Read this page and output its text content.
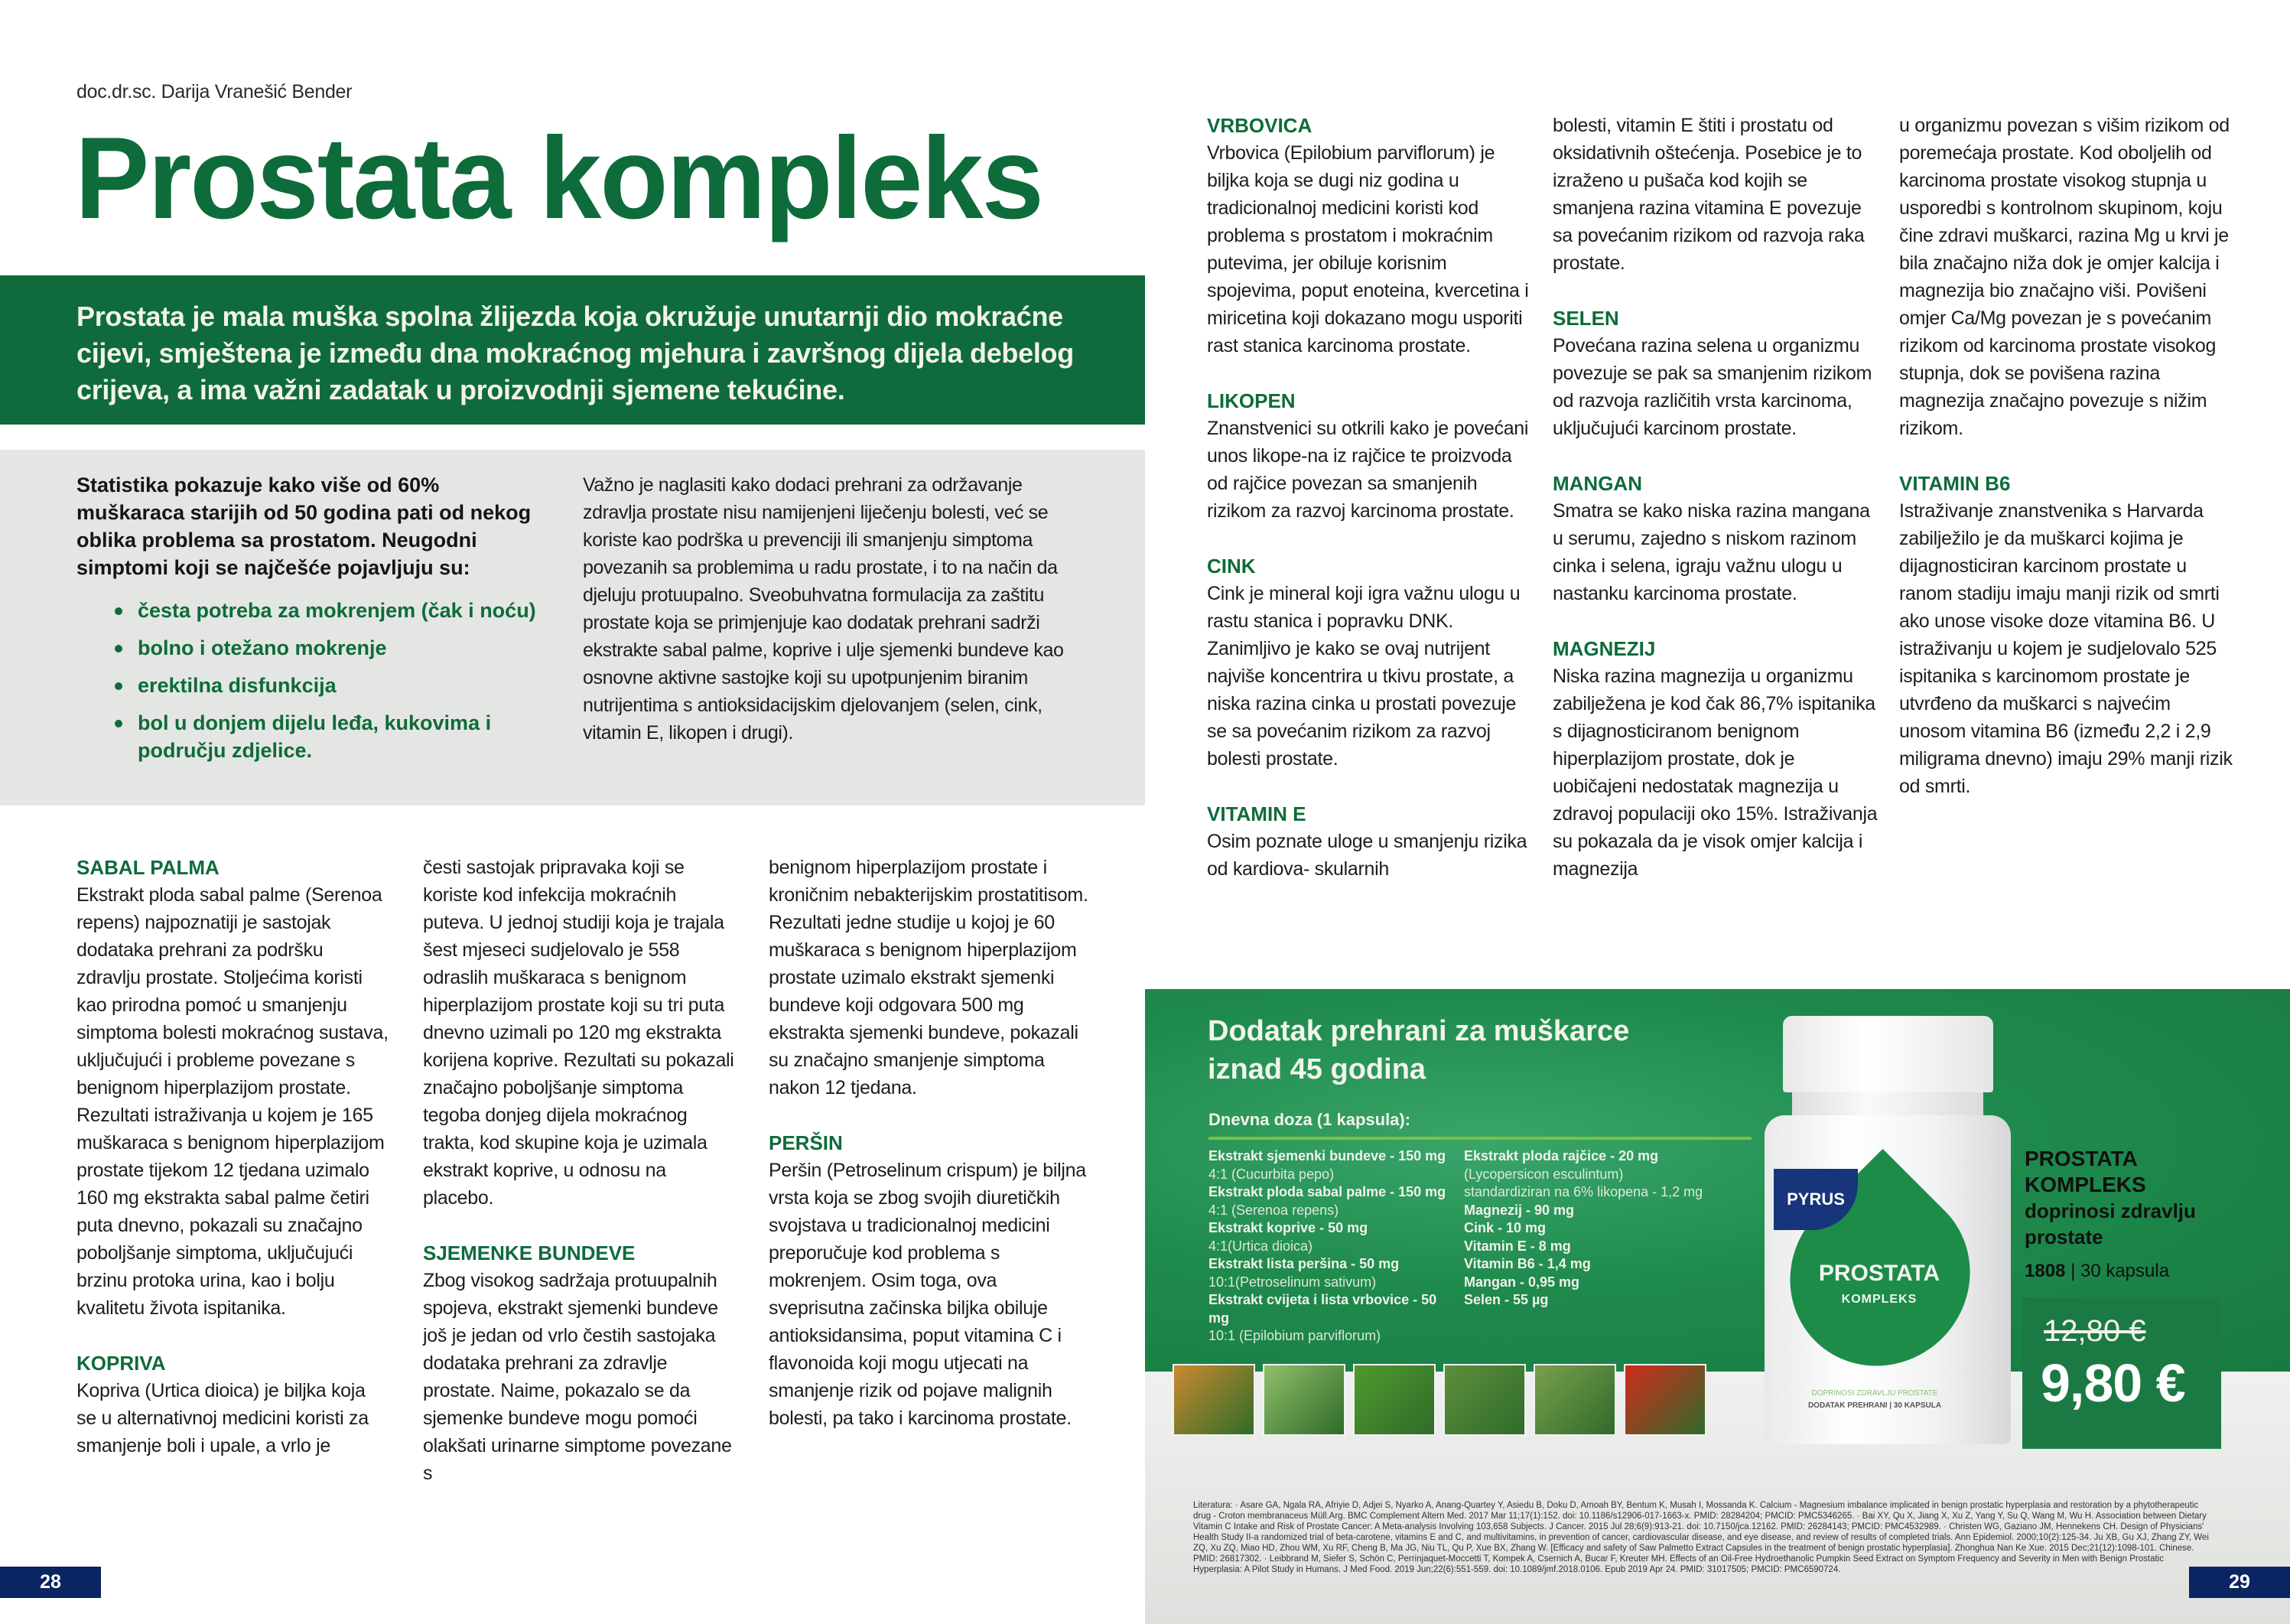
doc.dr.sc. Darija Vranešić Bender
Prostata kompleks

Prostata je mala muška spolna žlijezda koja okružuje unutarnji dio mokraćne cijevi, smještena je između dna mokraćnog mjehura i završnog dijela debelog crijeva, a ima važni zadatak u proizvodnji sjemene tekućine.

Statistika pokazuje kako više od 60% muškaraca starijih od 50 godina pati od nekog oblika problema sa prostatom. Neugodni simptomi koji se najčešće pojavljuju su:

česta potreba za mokrenjem (čak i noću)
bolno i otežano mokrenje
erektilna disfunkcija
bol u donjem dijelu leđa, kukovima i području zdjelice.

Važno je naglasiti kako dodaci prehrani za održavanje zdravlja prostate nisu namijenjeni liječenju bolesti, već se koriste kao podrška u prevenciji ili smanjenju simptoma povezanih sa problemima u radu prostate, i to na način da djeluju protuupalno. Sveobuhvatna formulacija za zaštitu prostate koja se primjenjuje kao dodatak prehrani sadrži ekstrakte sabal palme, koprive i ulje sjemenki bundeve kao osnovne aktivne sastojke koji su upotpunjenim biranim nutrijentima s antioksidacijskim djelovanjem (selen, cink, vitamin E, likopen i drugi).

SABAL PALMA

Ekstrakt ploda sabal palme (Serenoa repens) najpoznatiji je sastojak dodataka prehrani za podršku zdravlju prostate. Stoljećima koristi kao prirodna pomoć u smanjenju simptoma bolesti mokraćnog sustava, uključujući i probleme povezane s benignom hiperplazijom prostate. Rezultati istraživanja u kojem je 165 muškaraca s benignom hiperplazijom prostate tijekom 12 tjedana uzimalo 160 mg ekstrakta sabal palme četiri puta dnevno, pokazali su značajno poboljšanje simptoma, uključujući brzinu protoka urina, kao i bolju kvalitetu života ispitanika.

KOPRIVA

Kopriva (Urtica dioica) je biljka koja se u alternativnoj medicini koristi za smanjenje boli i upale, a vrlo je

česti sastojak pripravaka koji se koriste kod infekcija mokraćnih puteva. U jednoj studiji koja je trajala šest mjeseci sudjelovalo je 558 odraslih muškaraca s benignom hiperplazijom prostate koji su tri puta dnevno uzimali po 120 mg ekstrakta korijena koprive. Rezultati su pokazali značajno poboljšanje simptoma tegoba donjeg dijela mokraćnog trakta, kod skupine koja je uzimala ekstrakt koprive, u odnosu na placebo.

SJEMENKE BUNDEVE

Zbog visokog sadržaja protuupalnih spojeva, ekstrakt sjemenki bundeve još je jedan od vrlo čestih sastojaka dodataka prehrani za zdravlje prostate. Naime, pokazalo se da sjemenke bundeve mogu pomoći olakšati urinarne simptome povezane s

benignom hiperplazijom prostate i kroničnim nebakterijskim prostatitisom. Rezultati jedne studije u kojoj je 60 muškaraca s benignom hiperplazijom prostate uzimalo ekstrakt sjemenki bundeve koji odgovara 500 mg ekstrakta sjemenki bundeve, pokazali su značajno smanjenje simptoma nakon 12 tjedana.

PERŠIN

Peršin (Petroselinum crispum) je biljna vrsta koja se zbog svojih diuretičkih svojstava u tradicionalnoj medicini preporučuje kod problema s mokrenjem. Osim toga, ova sveprisutna začinska biljka obiluje antioksidansima, poput vitamina C i flavonoida koji mogu utjecati na smanjenje rizik od pojave malignih bolesti, pa tako i karcinoma prostate.

28
VRBOVICA

Vrbovica (Epilobium parviflorum) je biljka koja se dugi niz godina u tradicionalnoj medicini koristi kod problema s prostatom i mokraćnim putevima, jer obiluje korisnim spojevima, poput enoteina, kvercetina i miricetina koji dokazano mogu usporiti rast stanica karcinoma prostate.

LIKOPEN

Znanstvenici su otkrili kako je povećani unos likope-na iz rajčice te proizvoda od rajčice povezan sa smanjenih rizikom za razvoj karcinoma prostate.

CINK

Cink je mineral koji igra važnu ulogu u rastu stanica i popravku DNK. Zanimljivo je kako se ovaj nutrijent najviše koncentrira u tkivu prostate, a niska razina cinka u prostati povezuje se sa povećanim rizikom za razvoj bolesti prostate.

VITAMIN E

Osim poznate uloge u smanjenju rizika od kardiova- skularnih

bolesti, vitamin E štiti i prostatu od oksidativnih oštećenja. Posebice je to izraženo u pušača kod kojih se smanjena razina vitamina E povezuje sa povećanim rizikom od razvoja raka prostate.

SELEN

Povećana razina selena u organizmu povezuje se pak sa smanjenim rizikom od razvoja različitih vrsta karcinoma, uključujući karcinom prostate.

MANGAN

Smatra se kako niska razina mangana u serumu, zajedno s niskom razinom cinka i selena, igraju važnu ulogu u nastanku karcinoma prostate.

MAGNEZIJ

Niska razina magnezija u organizmu zabilježena je kod čak 86,7% ispitanika s dijagnosticiranom benignom hiperplazijom prostate, dok je uobičajeni nedostatak magnezija u zdravoj populaciji oko 15%. Istraživanja su pokazala da je visok omjer kalcija i magnezija

u organizmu povezan s višim rizikom od poremećaja prostate. Kod oboljelih od karcinoma prostate visokog stupnja u usporedbi s kontrolnom skupinom, koju čine zdravi muškarci, razina Mg u krvi je bila značajno niža dok je omjer kalcija i magnezija bio značajno viši. Povišeni omjer Ca/Mg povezan je s povećanim rizikom od karcinoma prostate visokog stupnja, dok se povišena razina magnezija značajno povezuje s nižim rizikom.

VITAMIN B6

Istraživanje znanstvenika s Harvarda zabilježilo je da muškarci kojima je dijagnosticiran karcinom prostate u ranom stadiju imaju manji rizik od smrti ako unose visoke doze vitamina B6. U istraživanju u kojem je sudjelovalo 525 ispitanika s karcinomom prostate je utvrđeno da muškarci s najvećim unosom vitamina B6 (između 2,2 i 2,9 miligrama dnevno) imaju 29% manji rizik od smrti.

Dodatak prehrani za muškarce iznad 45 godina
Dnevna doza (1 kapsula):
Ekstrakt sjemenki bundeve - 150 mg
4:1 (Cucurbita pepo)
Ekstrakt ploda sabal palme - 150 mg
4:1 (Serenoa repens)
Ekstrakt koprive - 50 mg
4:1(Urtica dioica)
Ekstrakt lista peršina - 50 mg
10:1(Petroselinum sativum)
Ekstrakt cvijeta i lista vrbovice - 50 mg
10:1 (Epilobium parviflorum)
Ekstrakt ploda rajčice - 20 mg
(Lycopersicon esculintum)
standardiziran na 6% likopena - 1,2 mg
Magnezij - 90 mg
Cink - 10 mg
Vitamin E - 8 mg
Vitamin B6 - 1,4 mg
Mangan - 0,95 mg
Selen - 55 µg
PYRUS
PROSTATA
KOMPLEKS
DOPRINOSI ZDRAVLJU PROSTATE
DODATAK PREHRANI | 30 KAPSULA
PROSTATA KOMPLEKS
doprinosi zdravlju prostate
1808 | 30 kapsula
12,80 €
9,80 €

Literatura: · Asare GA, Ngala RA, Afriyie D, Adjei S, Nyarko A, Anang-Quartey Y, Asiedu B, Doku D, Amoah BY, Bentum K, Musah I, Mossanda K. Calcium - Magnesium imbalance implicated in benign prostatic hyperplasia and restoration by a phytotherapeutic drug - Croton membranaceus Müll.Arg. BMC Complement Altern Med. 2017 Mar 11;17(1):152. doi: 10.1186/s12906-017-1663-x. PMID: 28284204; PMCID: PMC5346265. · Bai XY, Qu X, Jiang X, Xu Z, Yang Y, Su Q, Wang M, Wu H. Association between Dietary Vitamin C Intake and Risk of Prostate Cancer: A Meta-analysis Involving 103,658 Subjects. J Cancer. 2015 Jul 28;6(9):913-21. doi: 10.7150/jca.12162. PMID: 26284143; PMCID: PMC4532989. · Christen WG, Gaziano JM, Hennekens CH. Design of Physicians' Health Study II-a randomized trial of beta-carotene, vitamins E and C, and multivitamins, in prevention of cancer, cardiovascular disease, and eye disease, and review of results of completed trials. Ann Epidemiol. 2000;10(2):125-34. Ju XB, Gu XJ, Zhang ZY, Wei ZQ, Xu ZQ, Miao HD, Zhou WM, Xu RF, Cheng B, Ma JG, Niu TL, Qu P, Xue BX, Zhang W. [Efficacy and safety of Saw Palmetto Extract Capsules in the treatment of benign prostatic hyperplasia]. Zhonghua Nan Ke Xue. 2015 Dec;21(12):1098-101. Chinese. PMID: 26817302. · Leibbrand M, Siefer S, Schön C, Perrinjaquet-Moccetti T, Kompek A, Csernich A, Bucar F, Kreuter MH. Effects of an Oil-Free Hydroethanolic Pumpkin Seed Extract on Symptom Frequency and Severity in Men with Benign Prostatic Hyperplasia: A Pilot Study in Humans. J Med Food. 2019 Jun;22(6):551-559. doi: 10.1089/jmf.2018.0106. Epub 2019 Apr 24. PMID: 31017505; PMCID: PMC6590724.

29
